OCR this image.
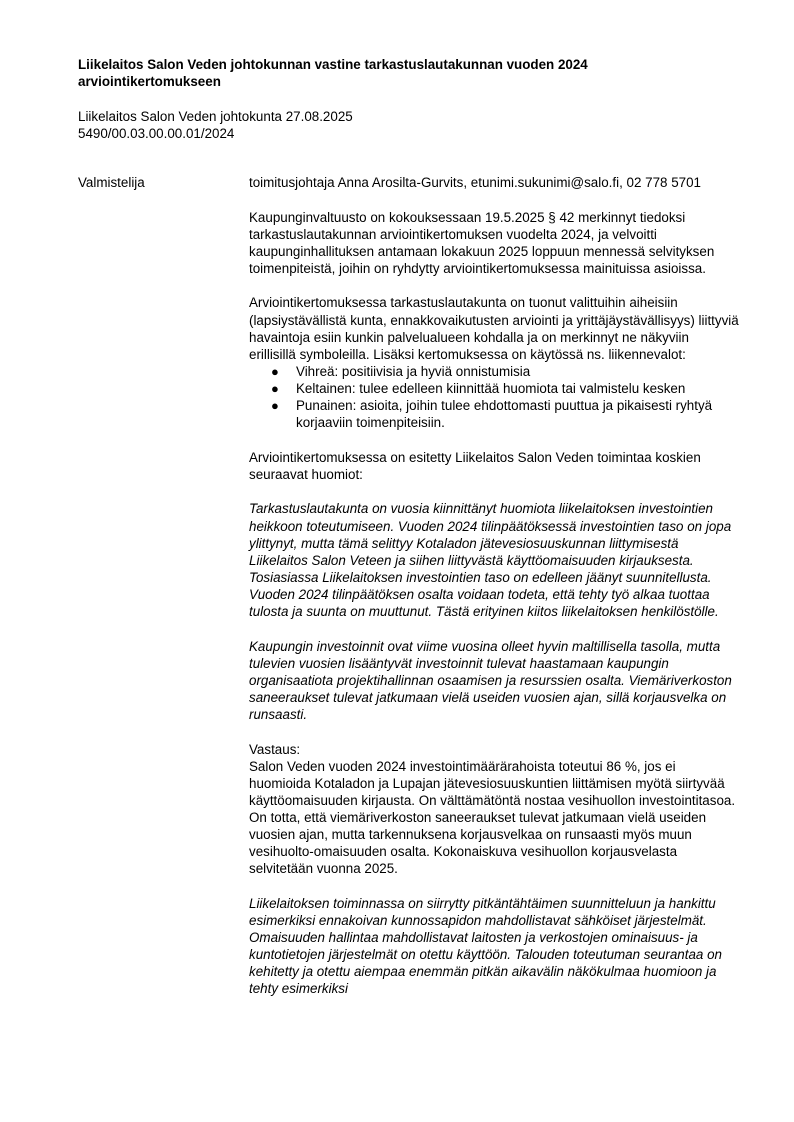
Liikelaitos Salon Veden johtokunnan vastine tarkastuslautakunnan vuoden 2024 arviointikertomukseen
Liikelaitos Salon Veden johtokunta 27.08.2025
5490/00.03.00.00.01/2024
Valmistelija	toimitusjohtaja Anna Arosilta-Gurvits, etunimi.sukunimi@salo.fi, 02 778 5701

Kaupunginvaltuusto on kokouksessaan 19.5.2025 § 42 merkinnyt tiedoksi tarkastuslautakunnan arviointikertomuksen vuodelta 2024, ja velvoitti kaupunginhallituksen antamaan lokakuun 2025 loppuun mennessä selvityksen toimenpiteistä, joihin on ryhdytty arviointikertomuksessa mainituissa asioissa.

Arviointikertomuksessa tarkastuslautakunta on tuonut valittuihin aiheisiin (lapsiystävällistä kunta, ennakkovaikutusten arviointi ja yrittäjäystävällisyys) liittyviä havaintoja esiin kunkin palvelualueen kohdalla ja on merkinnyt ne näkyviin erillisillä symboleilla. Lisäksi kertomuksessa on käytössä ns. liikennevalot:

● Vihreä: positiivisia ja hyviä onnistumisia
● Keltainen: tulee edelleen kiinnittää huomiota tai valmistelu kesken
● Punainen: asioita, joihin tulee ehdottomasti puuttua ja pikaisesti ryhtyä korjaaviin toimenpiteisiin.

Arviointikertomuksessa on esitetty Liikelaitos Salon Veden toimintaa koskien seuraavat huomiot:

Tarkastuslautakunta on vuosia kiinnittänyt huomiota liikelaitoksen investointien heikkoon toteutumiseen. Vuoden 2024 tilinpäätöksessä investointien taso on jopa ylittynyt, mutta tämä selittyy Kotaladon jätevesiosuuskunnan liittymisestä Liikelaitos Salon Veteen ja siihen liittyvästä käyttöomaisuuden kirjauksesta. Tosiasiassa Liikelaitoksen investointien taso on edelleen jäänyt suunnitellusta.

Vuoden 2024 tilinpäätöksen osalta voidaan todeta, että tehty työ alkaa tuottaa tulosta ja suunta on muuttunut. Tästä erityinen kiitos liikelaitoksen henkilöstölle.

Kaupungin investoinnit ovat viime vuosina olleet hyvin maltillisella tasolla, mutta tulevien vuosien lisääntyvät investoinnit tulevat haastamaan kaupungin organisaatiota projektihallinnan osaamisen ja resurssien osalta. Viemäriverkoston saneeraukset tulevat jatkumaan vielä useiden vuosien ajan, sillä korjausvelka on runsaasti.

Vastaus:

Salon Veden vuoden 2024 investointimäärärahoista toteutui 86 %, jos ei huomioida Kotaladon ja Lupajan jätevesiosuuskuntien liittämisen myötä siirtyvää käyttöomaisuuden kirjausta. On välttämätöntä nostaa vesihuollon investointitasoa. On totta, että viemäriverkoston saneeraukset tulevat jatkumaan vielä useiden vuosien ajan, mutta tarkennuksena korjausvelkaa on runsaasti myös muun vesihuolto-omaisuuden osalta. Kokonaiskuva vesihuollon korjausvelasta selvitetään vuonna 2025.

Liikelaitoksen toiminnassa on siirrytty pitkäntähtäimen suunnitteluun ja hankittu esimerkiksi ennakoivan kunnossapidon mahdollistavat sähköiset järjestelmät. Omaisuuden hallintaa mahdollistavat laitosten ja verkostojen ominaisuus- ja kuntotietojen järjestelmät on otettu käyttöön. Talouden toteutuman seurantaa on kehitetty ja otettu aiempaa enemmän pitkän aikavälin näkökulmaa huomioon ja tehty esimerkiksi
